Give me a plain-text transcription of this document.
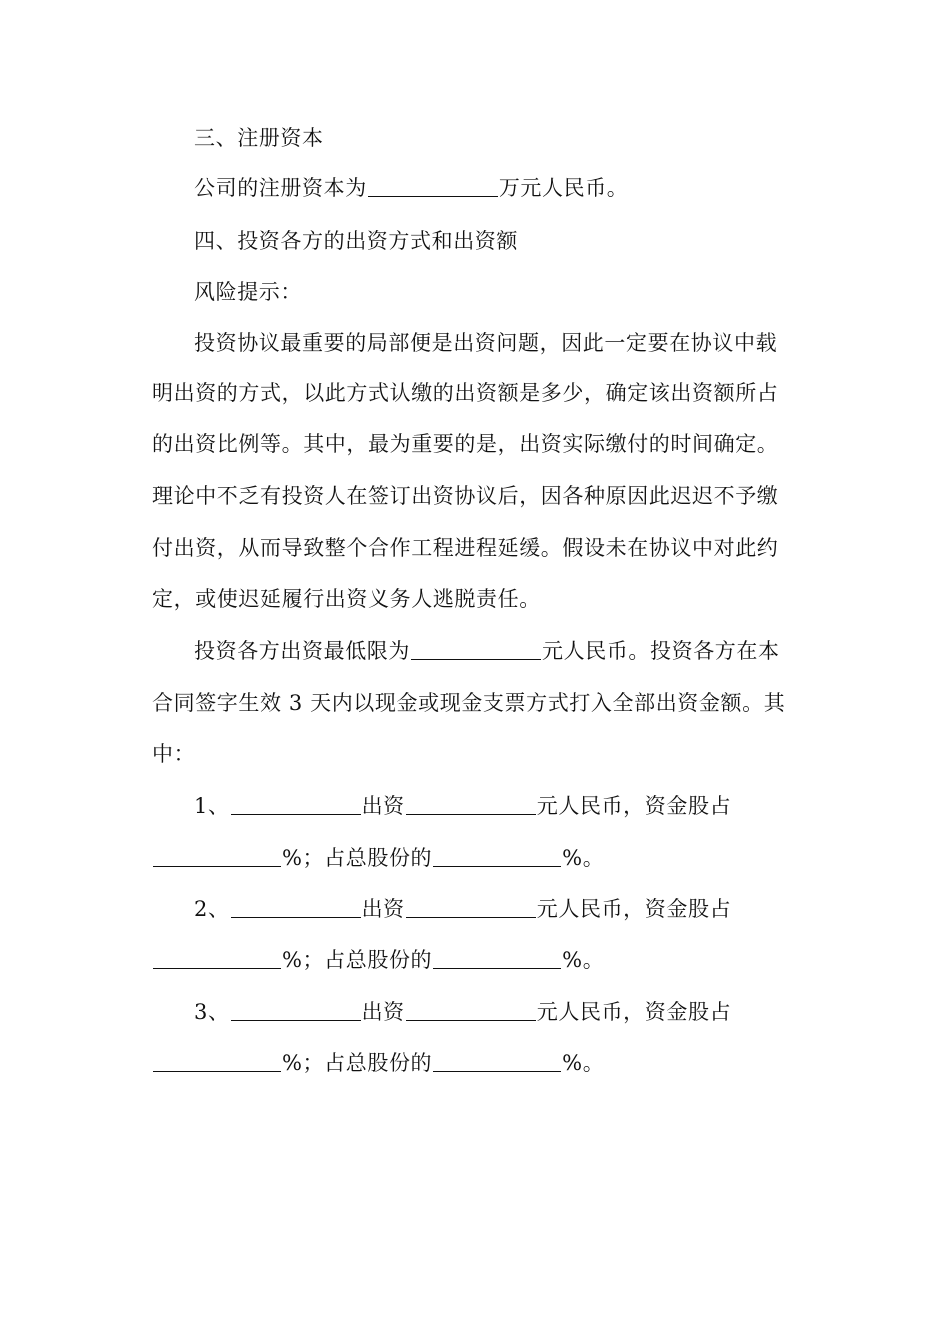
三、注册资本
公司的注册资本为	万元人民币。
四、投资各方的出资方式和出资额
风险提示：
投资协议最重要的局部便是出资问题，因此一定要在协议中载
明出资的方式，以此方式认缴的出资额是多少，确定该出资额所占
的出资比例等。其中，最为重要的是，出资实际缴付的时间确定。
理论中不乏有投资人在签订出资协议后，因各种原因此迟迟不予缴
付出资，从而导致整个合作工程进程延缓。假设未在协议中对此约
定，或使迟延履行出资义务人逃脱责任。
投资各方出资最低限为	元人民币。投资各方在本
合同签字生效 3 天内以现金或现金支票方式打入全部出资金额。其
中：
1、	出资	元人民币，资金股占
%；占总股份的	%。
2、	出资	元人民币，资金股占
%；占总股份的	%。
3、	出资	元人民币，资金股占
%；占总股份的	%。
